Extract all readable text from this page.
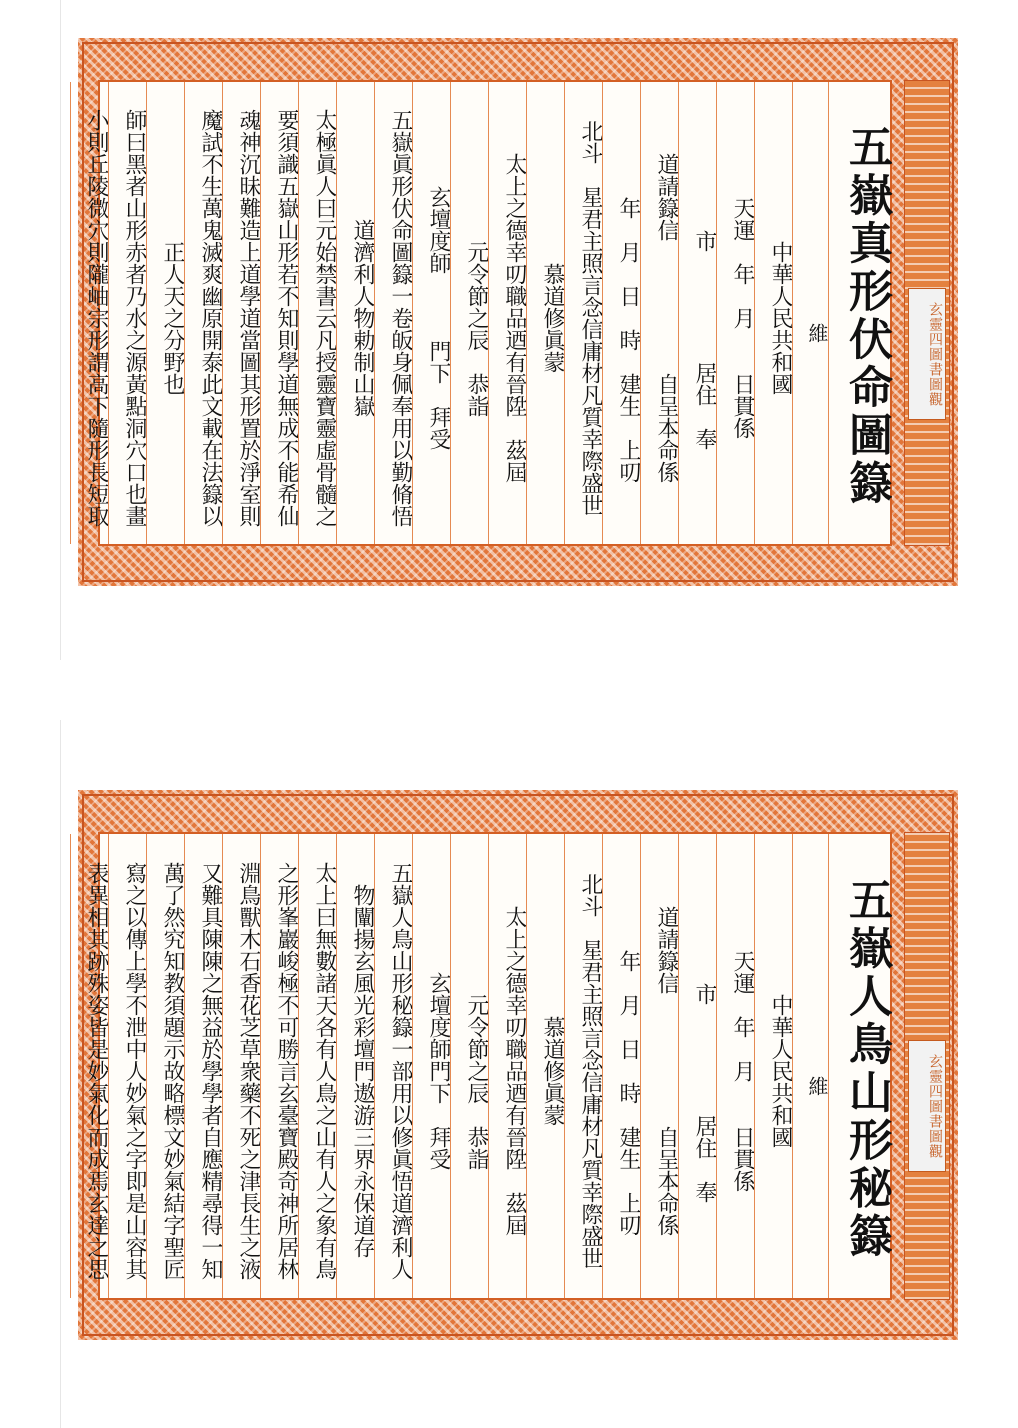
玄靈四圖書圖觀
五嶽真形伏命圖籙
維
中華人民共和國
天運　年　月　　日貫係
　　市　　　　　居住　奉
道請籙信　　　　　　自呈本命係
　　年　月　日　時　建生　上叨
北斗　星君主照言念信庸材凡質幸際盛世
慕道修眞蒙
太上之德幸叨職品迺有晉陞　茲屆
　元令節之辰　恭詣
玄壇度師　　　門下　拜受
五嶽眞形伏命圖籙一卷皈身佩奉用以勤脩悟
道濟利人物勅制山嶽
太極眞人曰元始禁書云凡授靈寶靈虛骨髓之
要須識五嶽山形若不知則學道無成不能希仙
魂神沉昧難造上道學道當圖其形置於淨室則
魔試不生萬鬼滅爽幽原開泰此文載在法籙以
正人天之分野也
師曰黑者山形赤者乃水之源黃點洞穴口也畫
小則丘陵微穴則隴岫宗形謂高下隨形長短取
玄靈四圖書圖觀
五嶽人鳥山形秘籙
維
中華人民共和國
天運　年　月　　日貫係
　　市　　　　　居住　奉
道請籙信　　　　　　自呈本命係
　　年　月　日　時　建生　上叨
北斗　星君主照言念信庸材凡質幸際盛世
慕道修眞蒙
太上之德幸叨職品迺有晉陞　茲屆
　元令節之辰　恭詣
玄壇度師門下　拜受
五嶽人鳥山形秘籙一部用以修眞悟道濟利人
物闡揚玄風光彩壇門遨游三界永保道存
太上曰無數諸天各有人鳥之山有人之象有鳥
之形峯巖峻極不可勝言玄臺寶殿奇神所居林
淵鳥獸木石香花芝草衆藥不死之津長生之液
又難具陳陳之無益於學學者自應精尋得一知
萬了然究知教須題示故略標文妙氣結字聖匠
寫之以傳上學不泄中人妙氣之字即是山容其
表異相其跡殊姿皆是妙氣化而成焉玄達之思
